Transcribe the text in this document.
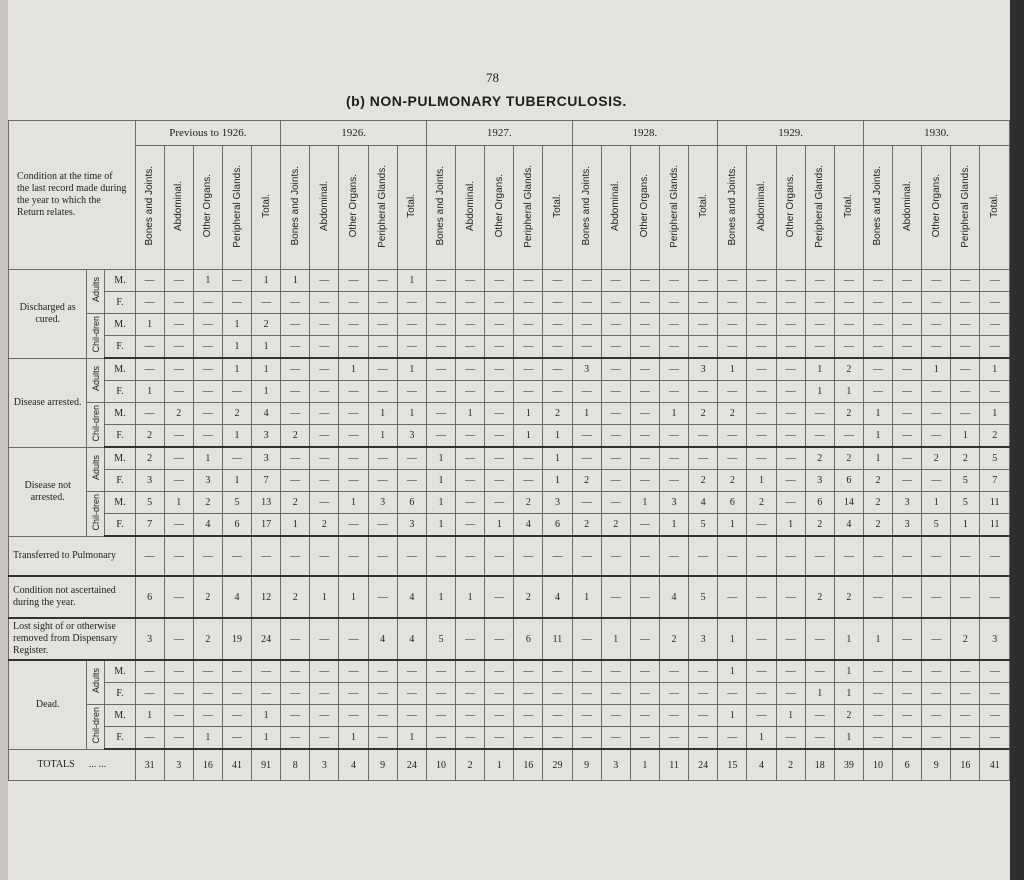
78
(b) NON-PULMONARY TUBERCULOSIS.
Condition at the time of the last record made during the year to which the Return relates.			Previous to 1926.					1926.					1927.					1928.					1929.					1930.				
			Bones and Joints.	Abdominal.	Other Organs.	Peripheral Glands.	Total.	Bones and Joints.	Abdominal.	Other Organs.	Peripheral Glands.	Total.	Bones and Joints.	Abdominal.	Other Organs.	Peripheral Glands.	Total.	Bones and Joints.	Abdominal.	Other Organs.	Peripheral Glands.	Total.	Bones and Joints.	Abdominal.	Other Organs.	Peripheral Glands.	Total.	Bones and Joints.	Abdominal.	Other Organs.	Peripheral Glands.	Total.
Discharged as cured.	Adults	M.	—	—	1	—	1	1	—	—	—	1	—	—	—	—	—	—	—	—	—	—	—	—	—	—	—	—	—	—	—	—
		F.	—	—	—	—	—	—	—	—	—	—	—	—	—	—	—	—	—	—	—	—	—	—	—	—	—	—	—	—	—	—
	Chil-dren	M.	1	—	—	1	2	—	—	—	—	—	—	—	—	—	—	—	—	—	—	—	—	—	—	—	—	—	—	—	—	—
		F.	—	—	—	1	1	—	—	—	—	—	—	—	—	—	—	—	—	—	—	—	—	—	—	—	—	—	—	—	—	—
Disease arrested.	Adults	M.	—	—	—	1	1	—	—	1	—	1	—	—	—	—	—	3	—	—	—	3	1	—	—	1	2	—	—	1	—	1
		F.	1	—	—	—	1	—	—	—	—	—	—	—	—	—	—	—	—	—	—	—	—	—	—	1	1	—	—	—	—	—
	Chil-dren	M.	—	2	—	2	4	—	—	—	1	1	—	1	—	1	2	1	—	—	1	2	2	—	—	—	2	1	—	—	—	1
		F.	2	—	—	1	3	2	—	—	1	3	—	—	—	1	1	—	—	—	—	—	—	—	—	—	—	1	—	—	1	2
Disease not arrested.	Adults	M.	2	—	1	—	3	—	—	—	—	—	1	—	—	—	1	—	—	—	—	—	—	—	—	2	2	1	—	2	2	5
		F.	3	—	3	1	7	—	—	—	—	—	1	—	—	—	1	2	—	—	—	2	2	1	—	3	6	2	—	—	5	7
	Chil-dren	M.	5	1	2	5	13	2	—	1	3	6	1	—	—	2	3	—	—	1	3	4	6	2	—	6	14	2	3	1	5	11
		F.	7	—	4	6	17	1	2	—	—	3	1	—	1	4	6	2	2	—	1	5	1	—	1	2	4	2	3	5	1	11
Transferred to Pulmonary			—	—	—	—	—	—	—	—	—	—	—	—	—	—	—	—	—	—	—	—	—	—	—	—	—	—	—	—	—	—
Condition not ascertained during the year.			6	—	2	4	12	2	1	1	—	4	1	1	—	2	4	1	—	—	4	5	—	—	—	2	2	—	—	—	—	—
Lost sight of or otherwise removed from Dispensary Register.			3	—	2	19	24	—	—	—	4	4	5	—	—	6	11	—	1	—	2	3	1	—	—	—	1	1	—	—	2	3
Dead.	Adults	M.	—	—	—	—	—	—	—	—	—	—	—	—	—	—	—	—	—	—	—	—	1	—	—	—	1	—	—	—	—	—
		F.	—	—	—	—	—	—	—	—	—	—	—	—	—	—	—	—	—	—	—	—	—	—	—	1	1	—	—	—	—	—
	Chil-dren	M.	1	—	—	—	1	—	—	—	—	—	—	—	—	—	—	—	—	—	—	—	1	—	1	—	2	—	—	—	—	—
		F.	—	—	1	—	1	—	—	1	—	1	—	—	—	—	—	—	—	—	—	—	—	1	—	—	1	—	—	—	—	—
TOTALS ... ...			31	3	16	41	91	8	3	4	9	24	10	2	1	16	29	9	3	1	11	24	15	4	2	18	39	10	6	9	16	41
